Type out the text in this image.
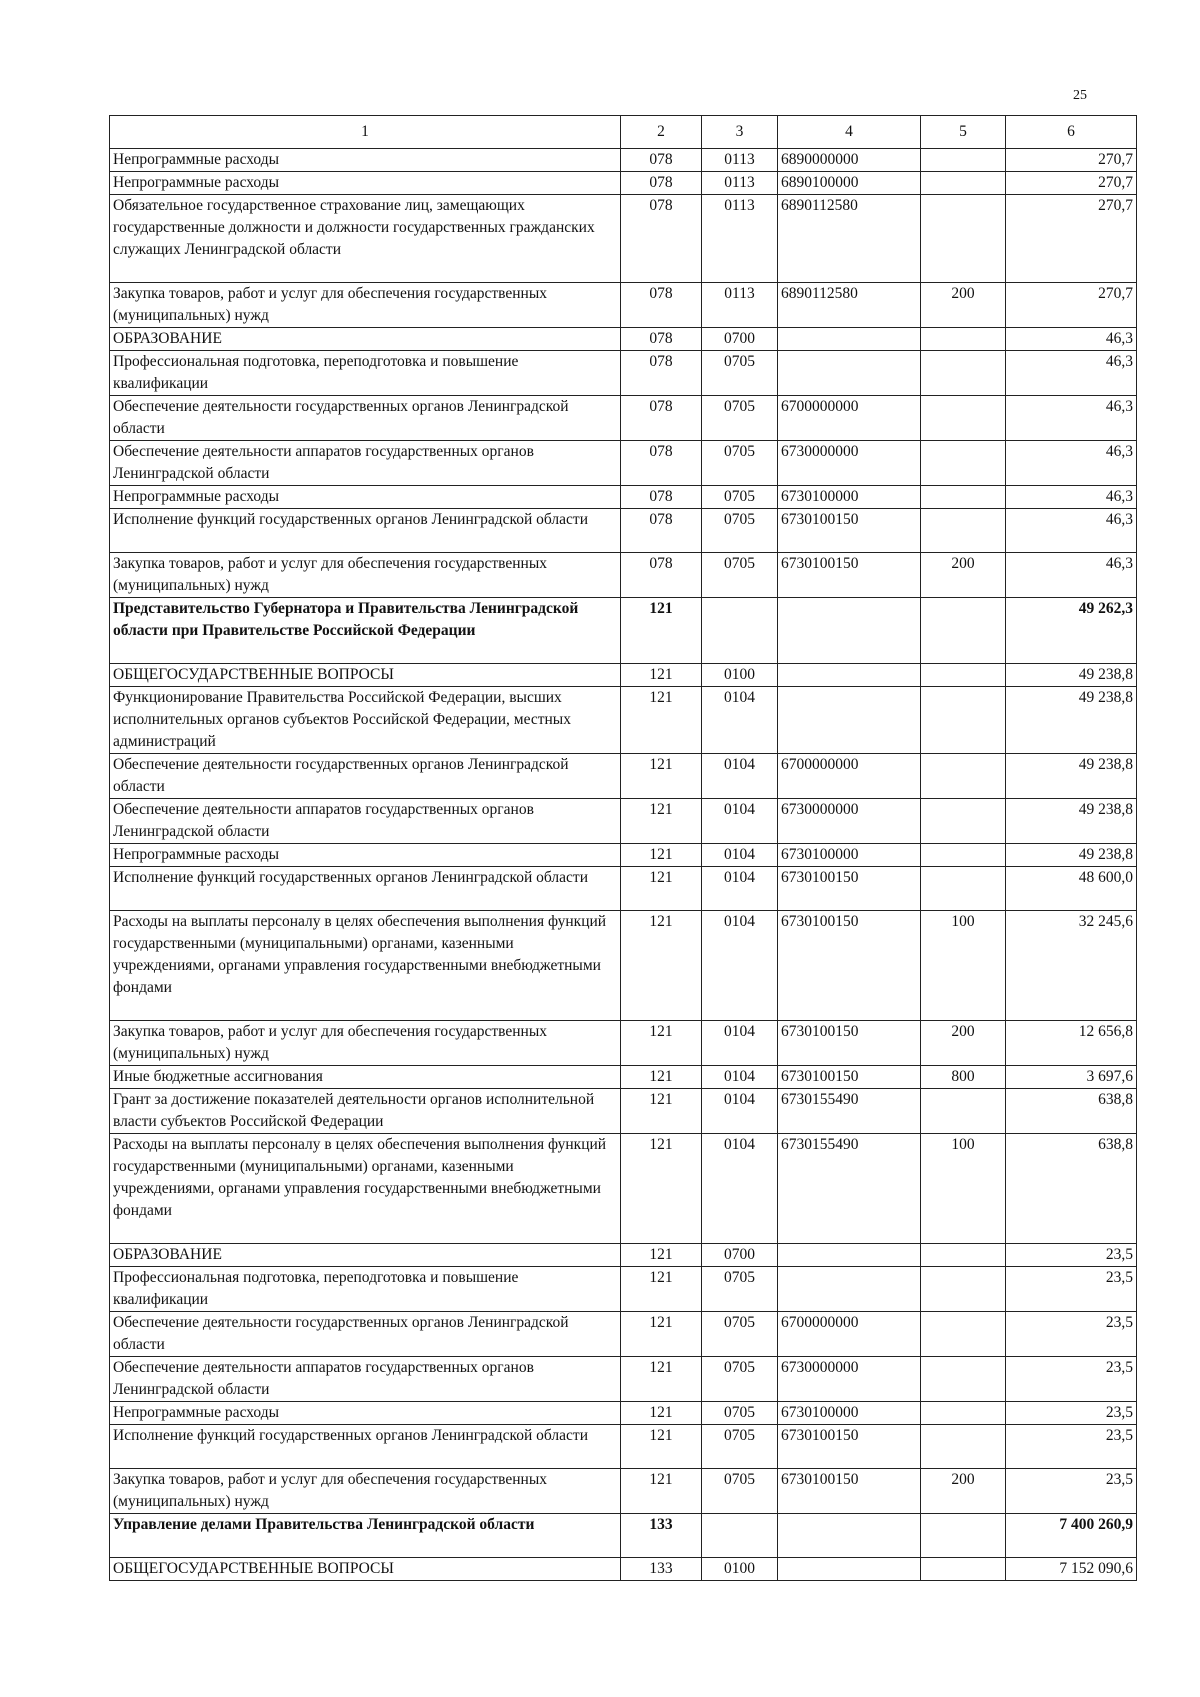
25
1	2	3	4	5	6
Непрограммные расходы	078	0113	6890000000		270,7
Непрограммные расходы	078	0113	6890100000		270,7
Обязательное государственное страхование лиц, замещающих государственные должности и должности государственных гражданских служащих Ленинградской области	078	0113	6890112580		270,7
Закупка товаров, работ и услуг для обеспечения государственных (муниципальных) нужд	078	0113	6890112580	200	270,7
ОБРАЗОВАНИЕ	078	0700			46,3
Профессиональная подготовка, переподготовка и повышение квалификации	078	0705			46,3
Обеспечение деятельности государственных органов Ленинградской области	078	0705	6700000000		46,3
Обеспечение деятельности аппаратов государственных органов Ленинградской области	078	0705	6730000000		46,3
Непрограммные расходы	078	0705	6730100000		46,3
Исполнение функций государственных органов Ленинградской области	078	0705	6730100150		46,3
Закупка товаров, работ и услуг для обеспечения государственных (муниципальных) нужд	078	0705	6730100150	200	46,3
Представительство Губернатора и Правительства Ленинградской области при Правительстве Российской Федерации	121				49 262,3
ОБЩЕГОСУДАРСТВЕННЫЕ ВОПРОСЫ	121	0100			49 238,8
Функционирование Правительства Российской Федерации, высших исполнительных органов субъектов Российской Федерации, местных администраций	121	0104			49 238,8
Обеспечение деятельности государственных органов Ленинградской области	121	0104	6700000000		49 238,8
Обеспечение деятельности аппаратов государственных органов Ленинградской области	121	0104	6730000000		49 238,8
Непрограммные расходы	121	0104	6730100000		49 238,8
Исполнение функций государственных органов Ленинградской области	121	0104	6730100150		48 600,0
Расходы на выплаты персоналу в целях обеспечения выполнения функций государственными (муниципальными) органами, казенными учреждениями, органами управления государственными внебюджетными фондами	121	0104	6730100150	100	32 245,6
Закупка товаров, работ и услуг для обеспечения государственных (муниципальных) нужд	121	0104	6730100150	200	12 656,8
Иные бюджетные ассигнования	121	0104	6730100150	800	3 697,6
Грант за достижение показателей деятельности органов исполнительной власти субъектов Российской Федерации	121	0104	6730155490		638,8
Расходы на выплаты персоналу в целях обеспечения выполнения функций государственными (муниципальными) органами, казенными учреждениями, органами управления государственными внебюджетными фондами	121	0104	6730155490	100	638,8
ОБРАЗОВАНИЕ	121	0700			23,5
Профессиональная подготовка, переподготовка и повышение квалификации	121	0705			23,5
Обеспечение деятельности государственных органов Ленинградской области	121	0705	6700000000		23,5
Обеспечение деятельности аппаратов государственных органов Ленинградской области	121	0705	6730000000		23,5
Непрограммные расходы	121	0705	6730100000		23,5
Исполнение функций государственных органов Ленинградской области	121	0705	6730100150		23,5
Закупка товаров, работ и услуг для обеспечения государственных (муниципальных) нужд	121	0705	6730100150	200	23,5
Управление делами Правительства Ленинградской области	133				7 400 260,9
ОБЩЕГОСУДАРСТВЕННЫЕ ВОПРОСЫ	133	0100			7 152 090,6
